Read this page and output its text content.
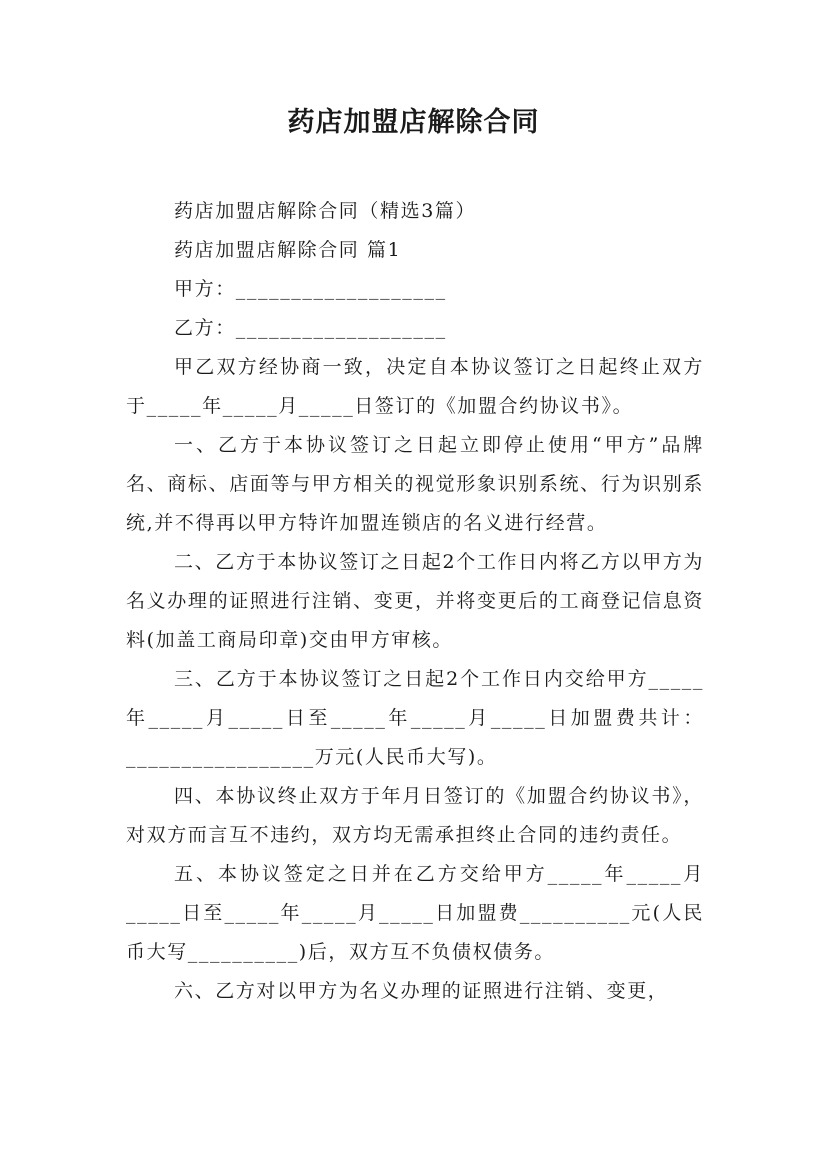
药店加盟店解除合同

药店加盟店解除合同（精选3篇）

药店加盟店解除合同 篇1

甲方：___________________

乙方：___________________

甲乙双方经协商一致，决定自本协议签订之日起终止双方于_____年_____月_____日签订的《加盟合约协议书》。

一、乙方于本协议签订之日起立即停止使用“甲方”品牌名、商标、店面等与甲方相关的视觉形象识别系统、行为识别系统,并不得再以甲方特许加盟连锁店的名义进行经营。

二、乙方于本协议签订之日起2个工作日内将乙方以甲方为名义办理的证照进行注销、变更，并将变更后的工商登记信息资料(加盖工商局印章)交由甲方审核。

三、乙方于本协议签订之日起2个工作日内交给甲方_____年_____月_____日至_____年_____月_____日加盟费共计：_________________万元(人民币大写)。

四、本协议终止双方于年月日签订的《加盟合约协议书》，对双方而言互不违约，双方均无需承担终止合同的违约责任。

五、本协议签定之日并在乙方交给甲方_____年_____月_____日至_____年_____月_____日加盟费__________元(人民币大写__________)后，双方互不负债权债务。

六、乙方对以甲方为名义办理的证照进行注销、变更，
